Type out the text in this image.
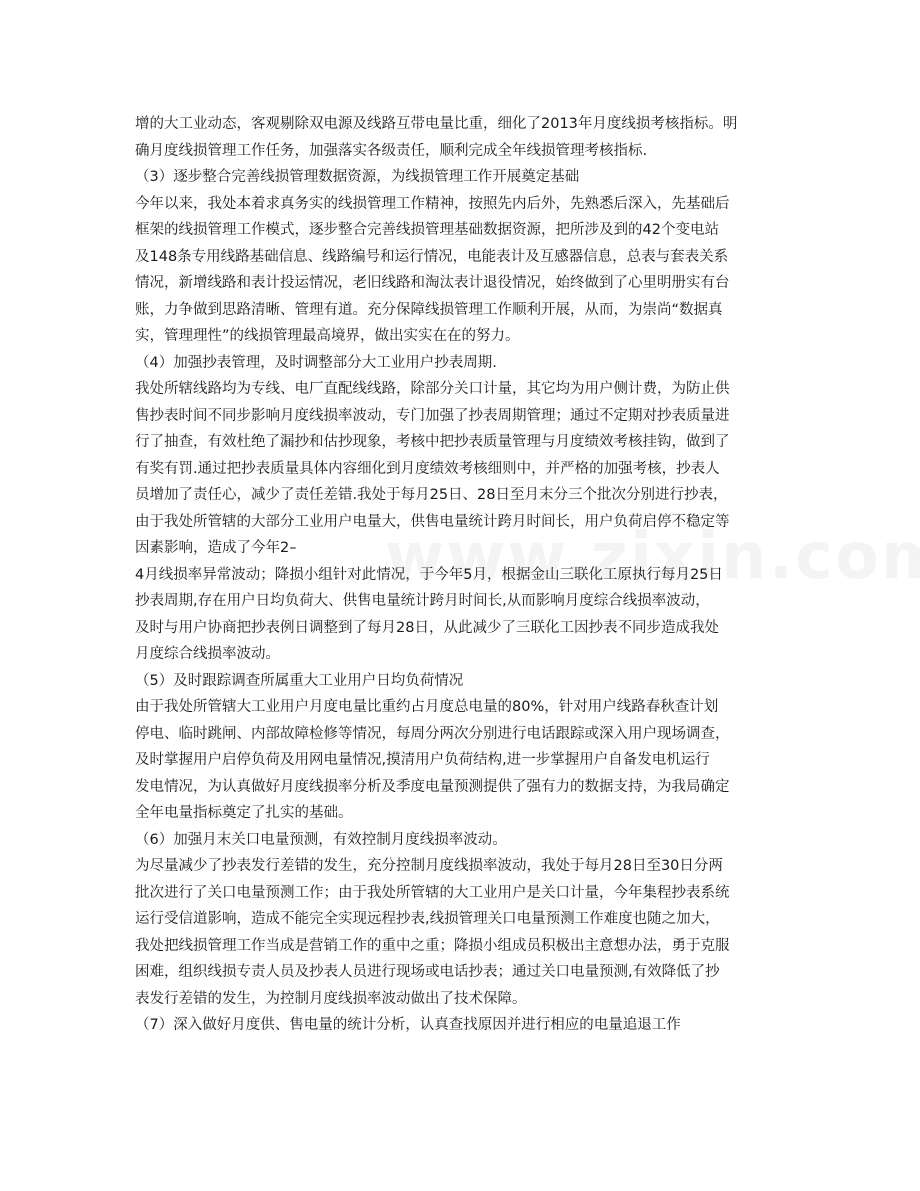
增的大工业动态，客观剔除双电源及线路互带电量比重，细化了2013年月度线损考核指标。明
确月度线损管理工作任务，加强落实各级责任，顺利完成全年线损管理考核指标.
（3）逐步整合完善线损管理数据资源，为线损管理工作开展奠定基础
今年以来，我处本着求真务实的线损管理工作精神，按照先内后外，先熟悉后深入，先基础后
框架的线损管理工作模式，逐步整合完善线损管理基础数据资源，把所涉及到的42个变电站
及148条专用线路基础信息、线路编号和运行情况，电能表计及互感器信息，总表与套表关系
情况，新增线路和表计投运情况，老旧线路和淘汰表计退役情况，始终做到了心里明册实有台
账，力争做到思路清晰、管理有道。充分保障线损管理工作顺利开展，从而，为崇尚“数据真
实，管理理性”的线损管理最高境界，做出实实在在的努力。
（4）加强抄表管理，及时调整部分大工业用户抄表周期.
我处所辖线路均为专线、电厂直配线线路，除部分关口计量，其它均为用户侧计费，为防止供
售抄表时间不同步影响月度线损率波动，专门加强了抄表周期管理；通过不定期对抄表质量进
行了抽查，有效杜绝了漏抄和估抄现象，考核中把抄表质量管理与月度绩效考核挂钩，做到了
有奖有罚.通过把抄表质量具体内容细化到月度绩效考核细则中，并严格的加强考核，抄表人
员增加了责任心，减少了责任差错.我处于每月25日、28日至月末分三个批次分别进行抄表，
由于我处所管辖的大部分工业用户电量大，供售电量统计跨月时间长，用户负荷启停不稳定等
因素影响，造成了今年2–
4月线损率异常波动；降损小组针对此情况，于今年5月，根据金山三联化工原执行每月25日
抄表周期,存在用户日均负荷大、供售电量统计跨月时间长,从而影响月度综合线损率波动，
及时与用户协商把抄表例日调整到了每月28日，从此减少了三联化工因抄表不同步造成我处
月度综合线损率波动。
（5）及时跟踪调查所属重大工业用户日均负荷情况
由于我处所管辖大工业用户月度电量比重约占月度总电量的80%，针对用户线路春秋查计划
停电、临时跳闸、内部故障检修等情况，每周分两次分别进行电话跟踪或深入用户现场调查，
及时掌握用户启停负荷及用网电量情况,摸清用户负荷结构,进一步掌握用户自备发电机运行
发电情况，为认真做好月度线损率分析及季度电量预测提供了强有力的数据支持，为我局确定
全年电量指标奠定了扎实的基础。
（6）加强月末关口电量预测，有效控制月度线损率波动。
为尽量减少了抄表发行差错的发生，充分控制月度线损率波动，我处于每月28日至30日分两
批次进行了关口电量预测工作；由于我处所管辖的大工业用户是关口计量，今年集程抄表系统
运行受信道影响，造成不能完全实现远程抄表,线损管理关口电量预测工作难度也随之加大，
我处把线损管理工作当成是营销工作的重中之重；降损小组成员积极出主意想办法，勇于克服
困难，组织线损专责人员及抄表人员进行现场或电话抄表；通过关口电量预测,有效降低了抄
表发行差错的发生，为控制月度线损率波动做出了技术保障。
（7）深入做好月度供、售电量的统计分析，认真查找原因并进行相应的电量追退工作
